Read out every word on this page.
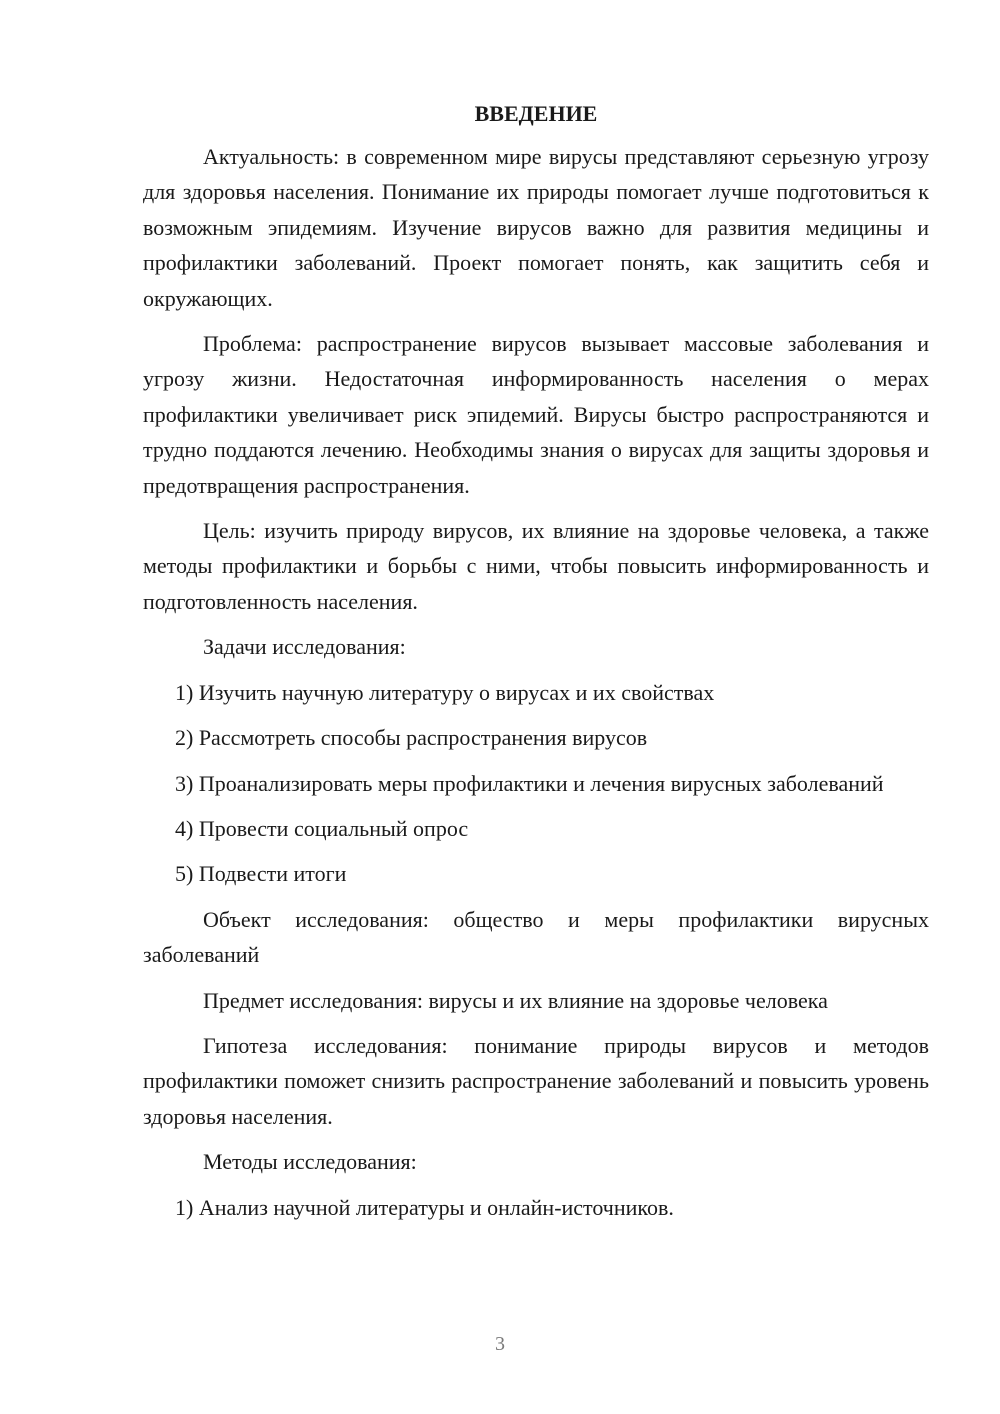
ВВЕДЕНИЕ

Актуальность: в современном мире вирусы представляют серьезную угрозу для здоровья населения. Понимание их природы помогает лучше подготовиться к возможным эпидемиям. Изучение вирусов важно для развития медицины и профилактики заболеваний. Проект помогает понять, как защитить себя и окружающих.

Проблема: распространение вирусов вызывает массовые заболевания и угрозу жизни. Недостаточная информированность населения о мерах профилактики увеличивает риск эпидемий. Вирусы быстро распространяются и трудно поддаются лечению. Необходимы знания о вирусах для защиты здоровья и предотвращения распространения.

Цель: изучить природу вирусов, их влияние на здоровье человека, а также методы профилактики и борьбы с ними, чтобы повысить информированность и подготовленность населения.

Задачи исследования:

1) Изучить научную литературу о вирусах и их свойствах

2) Рассмотреть способы распространения вирусов

3) Проанализировать меры профилактики и лечения вирусных заболеваний

4) Провести социальный опрос

5) Подвести итоги

Объект исследования: общество и меры профилактики вирусных заболеваний

Предмет исследования: вирусы и их влияние на здоровье человека

Гипотеза исследования: понимание природы вирусов и методов профилактики поможет снизить распространение заболеваний и повысить уровень здоровья населения.

Методы исследования:

1) Анализ научной литературы и онлайн-источников.

3
